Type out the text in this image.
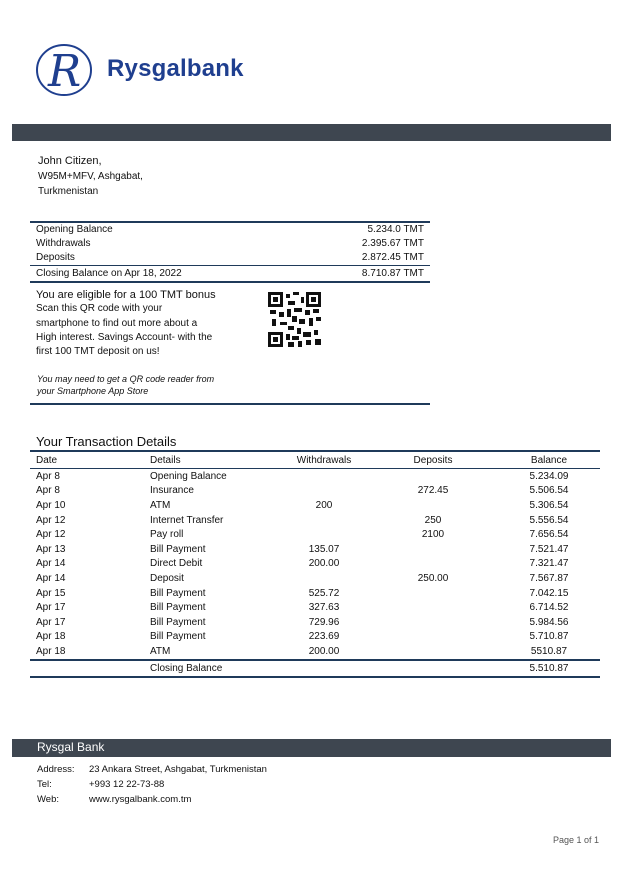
R Rysgalbank
John Citizen,
W95M+MFV, Ashgabat,
Turkmenistan
Opening Balance	5.234.0 TMT
Withdrawals	2.395.67 TMT
Deposits	2.872.45 TMT
Closing Balance on Apr 18, 2022	8.710.87 TMT
You are eligible for a 100 TMT bonus
Scan this QR code with your
smartphone to find out more about a
High interest. Savings Account- with the
first 100 TMT deposit on us!
You may need to get a QR code reader from
your Smartphone App Store
Your Transaction Details
Date	Details	Withdrawals	Deposits	Balance
Apr 8	Opening Balance			5.234.09
Apr 8	Insurance		272.45	5.506.54
Apr 10	ATM	200		5.306.54
Apr 12	Internet Transfer		250	5.556.54
Apr 12	Pay roll		2100	7.656.54
Apr 13	Bill Payment	135.07		7.521.47
Apr 14	Direct Debit	200.00		7.321.47
Apr 14	Deposit		250.00	7.567.87
Apr 15	Bill Payment	525.72		7.042.15
Apr 17	Bill Payment	327.63		6.714.52
Apr 17	Bill Payment	729.96		5.984.56
Apr 18	Bill Payment	223.69		5.710.87
Apr 18	ATM	200.00		5510.87
	Closing Balance			5.510.87
Rysgal Bank
Address:	23 Ankara Street, Ashgabat, Turkmenistan
Tel:	+993 12 22-73-88
Web:	www.rysgalbank.com.tm
Page 1 of 1
